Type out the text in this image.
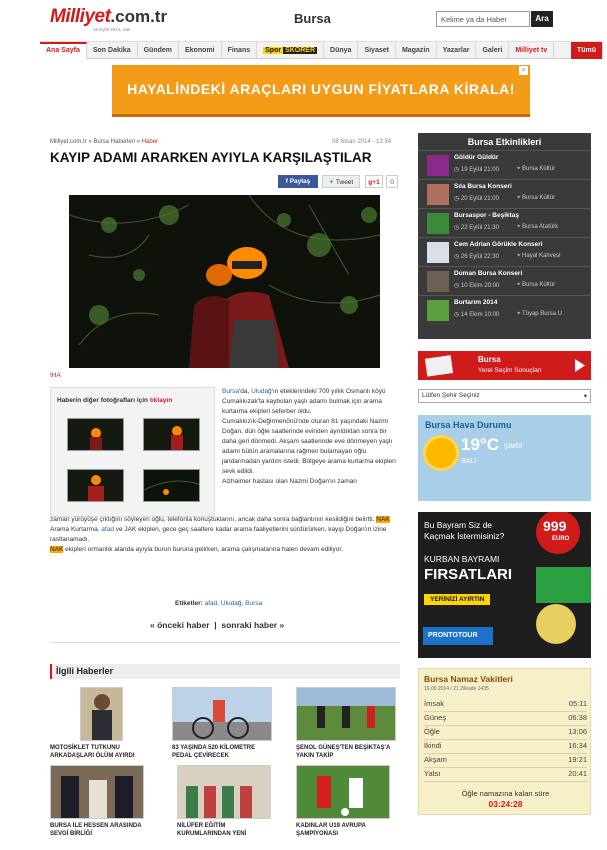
Milliyet .com.tr
16 Eylül 2014, Salı
Bursa	Kelime ya da Haber	Ara
Ana Sayfa	Son Dakika	Gündem	Ekonomi	Finans	Spor SKORER	Dünya	Siyaset	Magazin	Yazarlar	Galeri	Milliyet tv	Tümü
HAYALİNDEKİ ARAÇLARI UYGUN FİYATLARA KİRALA!
×
Milliyet.com.tr » Bursa Haberleri » Haber	08 Nisan 2014 - 13:34
KAYIP ADAMI ARARKEN AYIYLA KARŞILAŞTILAR
f Paylaş	✦ Tweet	g+1	0
İHA
Haberin diğer fotoğrafları için tıklayın

Bursa'da, Uludağ'ın eteklerindeki 700 yıllık Osmanlı köyü Cumalıkızak'ta kaybolan yaşlı adamı bulmak için arama kurtarma ekipleri seferber oldu.

Cumalıkızık-Değirmenönü'nde oturan 81 yaşındaki Nazmi Doğan, dün öğle saatlerinde evinden ayrıldıktan sonra bir daha geri dönmedi. Akşam saatlerinde eve dönmeyen yaşlı adamı bütün aramalarına rağmen bulamayan oğlu jandarmadan yardım istedi. Bölgeye arama kurtarma ekipleri sevk edildi.

Alzhaimer hastası olan Nazmi Doğan'ın zaman

zaman yürüyüşe çıktığını söyleyen oğlu, telefonla konuştuklarını, ancak daha sonra bağlantının kesildiğini belirtti. NAK Arama Kurtarma, afad ve JAK ekipleri, gece geç saatlere kadar arama faaliyetlerini sürdürürken, kayıp Doğan'ın izine rastlanamadı.

NAK ekipleri ormanlık alanda ayıyla burun buruna gelirken, arama çalışmalarına halen devam ediliyor.

Etiketler: afad, Uludağ, Bursa
« önceki haber  |  sonraki haber »
İlgili Haberler
MOTOSİKLET TUTKUNU ARKADAŞLARI ÖLÜM AYIRDI
83 YAŞINDA 520 KİLOMETRE PEDAL ÇEVİRECEK
ŞENOL GÜNEŞ'TEN BEŞİKTAŞ'A YAKIN TAKİP
BURSA İLE HESSEN ARASINDA SEVGİ BİRLİĞİ
NİLÜFER EĞİTİM KURUMLARINDAN YENİ
KADINLAR U19 AVRUPA ŞAMPİYONASI
Bursa Etkinlikleri
Güldür Güldür
◷ 19 Eylül 21:00	⌖ Bursa Kültür
Sıla Bursa Konseri
◷ 20 Eylül 21:00	⌖ Bursa Kültür
Bursaspor - Beşiktaş
◷ 22 Eylül 21:30	⌖ Bursa Atatürk
Cem Adrian Görükle Konseri
◷ 26 Eylül 22:30	⌖ Hayal Kahvesi
Duman Bursa Konseri
◷ 10 Ekim 20:00	⌖ Bursa Kültür
Burtarım 2014
◷ 14 Ekim 10:00	⌖ Tüyap Bursa U
Bursa
Yerel Seçim Sonuçları
Lütfen Şehir Seçiniz	▾
Bursa Hava Durumu
19°C ŞİMDİ
SALI
Bu Bayram Siz de
Kaçmak İstermisiniz?
999
EURO
KURBAN BAYRAMI
FIRSATLARI
YERİNİZİ AYIRTIN
PRONTOTOUR
Bursa Namaz Vakitleri
16.09.2014 / 21 Zilkade 1435
İmsak	05:11
Güneş	06:38
Öğle	13:06
İkindi	16:34
Akşam	19:21
Yatsı	20:41
Öğle namazına kalan süre
03:24:28
